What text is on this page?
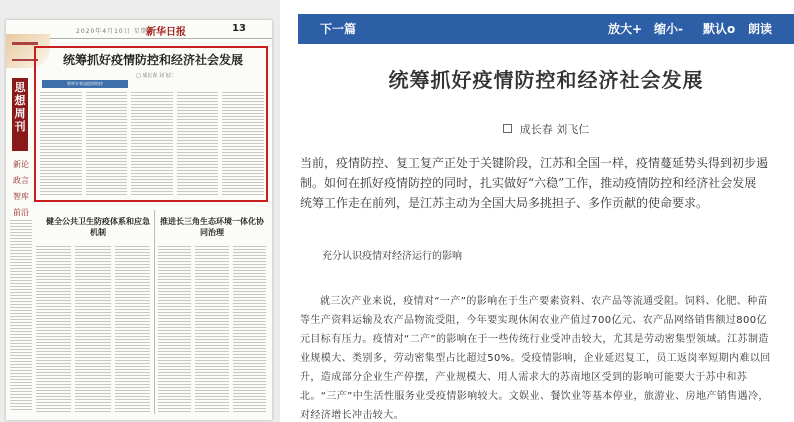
2020年4月10日 星期五
新华日报	13
思想周刊
新论
政言
智库
前沿
统筹抓好疫情防控和经济社会发展
□ 成长春 刘飞仁
智库专家谈疫情防控
健全公共卫生防疫体系和应急机制
推进长三角生态环境一体化协同治理
下一篇	放大+ 缩小- 默认o 朗读
统筹抓好疫情防控和经济社会发展
成长春 刘飞仁
当前，疫情防控、复工复产正处于关键阶段，江苏和全国一样，疫情蔓延势头得到初步遏制。如何在抓好疫情防控的同时，扎实做好“六稳”工作，推动疫情防控和经济社会发展统筹工作走在前列，是江苏主动为全国大局多挑担子、多作贡献的使命要求。
充分认识疫情对经济运行的影响
就三次产业来说，疫情对“一产”的影响在于生产要素资料、农产品等流通受阻。饲料、化肥、种苗等生产资料运输及农产品物流受阻，今年要实现休闲农业产值过700亿元、农产品网络销售额过800亿元目标有压力。疫情对“二产”的影响在于一些传统行业受冲击较大，尤其是劳动密集型领域。江苏制造业规模大、类别多，劳动密集型占比超过50%。受疫情影响，企业延迟复工，员工返岗率短期内难以回升，造成部分企业生产停摆，产业规模大、用人需求大的苏南地区受到的影响可能要大于苏中和苏北。“三产”中生活性服务业受疫情影响较大。文娱业、餐饮业等基本停业，旅游业、房地产销售遇冷，对经济增长冲击较大。
